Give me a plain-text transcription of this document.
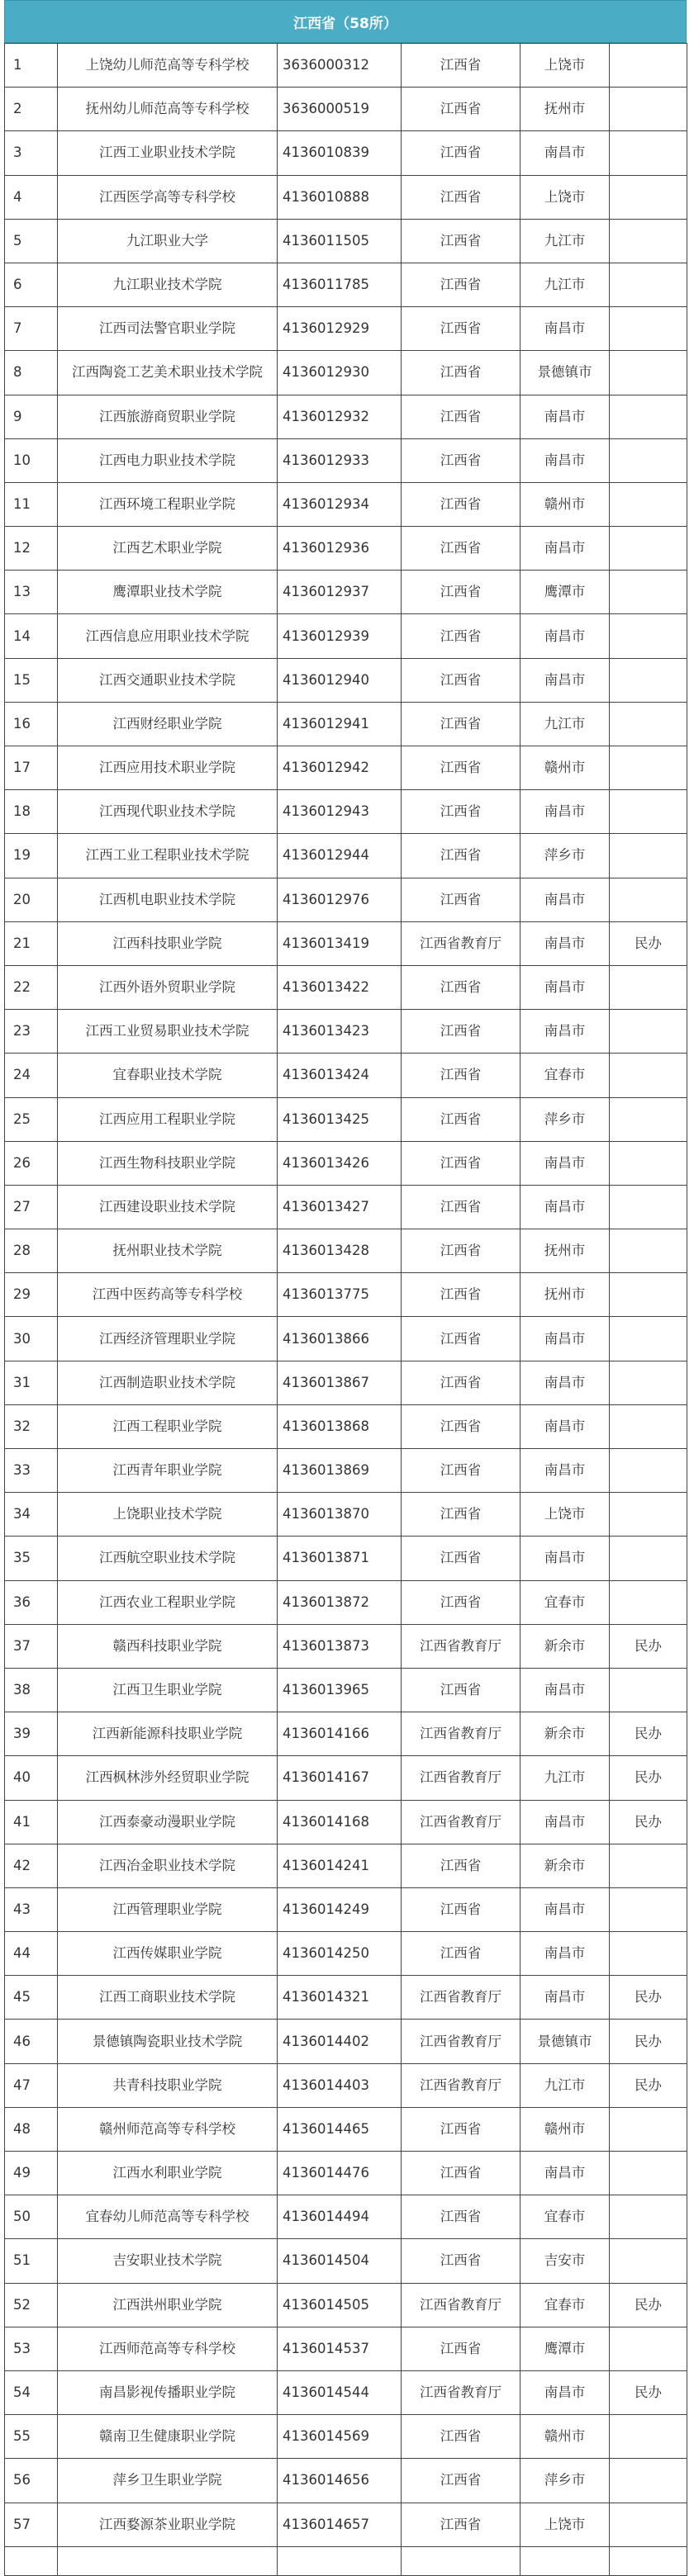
江西省（58所）
1	上饶幼儿师范高等专科学校	3636000312	江西省	上饶市	
2	抚州幼儿师范高等专科学校	3636000519	江西省	抚州市	
3	江西工业职业技术学院	4136010839	江西省	南昌市	
4	江西医学高等专科学校	4136010888	江西省	上饶市	
5	九江职业大学	4136011505	江西省	九江市	
6	九江职业技术学院	4136011785	江西省	九江市	
7	江西司法警官职业学院	4136012929	江西省	南昌市	
8	江西陶瓷工艺美术职业技术学院	4136012930	江西省	景德镇市	
9	江西旅游商贸职业学院	4136012932	江西省	南昌市	
10	江西电力职业技术学院	4136012933	江西省	南昌市	
11	江西环境工程职业学院	4136012934	江西省	赣州市	
12	江西艺术职业学院	4136012936	江西省	南昌市	
13	鹰潭职业技术学院	4136012937	江西省	鹰潭市	
14	江西信息应用职业技术学院	4136012939	江西省	南昌市	
15	江西交通职业技术学院	4136012940	江西省	南昌市	
16	江西财经职业学院	4136012941	江西省	九江市	
17	江西应用技术职业学院	4136012942	江西省	赣州市	
18	江西现代职业技术学院	4136012943	江西省	南昌市	
19	江西工业工程职业技术学院	4136012944	江西省	萍乡市	
20	江西机电职业技术学院	4136012976	江西省	南昌市	
21	江西科技职业学院	4136013419	江西省教育厅	南昌市	民办
22	江西外语外贸职业学院	4136013422	江西省	南昌市	
23	江西工业贸易职业技术学院	4136013423	江西省	南昌市	
24	宜春职业技术学院	4136013424	江西省	宜春市	
25	江西应用工程职业学院	4136013425	江西省	萍乡市	
26	江西生物科技职业学院	4136013426	江西省	南昌市	
27	江西建设职业技术学院	4136013427	江西省	南昌市	
28	抚州职业技术学院	4136013428	江西省	抚州市	
29	江西中医药高等专科学校	4136013775	江西省	抚州市	
30	江西经济管理职业学院	4136013866	江西省	南昌市	
31	江西制造职业技术学院	4136013867	江西省	南昌市	
32	江西工程职业学院	4136013868	江西省	南昌市	
33	江西青年职业学院	4136013869	江西省	南昌市	
34	上饶职业技术学院	4136013870	江西省	上饶市	
35	江西航空职业技术学院	4136013871	江西省	南昌市	
36	江西农业工程职业学院	4136013872	江西省	宜春市	
37	赣西科技职业学院	4136013873	江西省教育厅	新余市	民办
38	江西卫生职业学院	4136013965	江西省	南昌市	
39	江西新能源科技职业学院	4136014166	江西省教育厅	新余市	民办
40	江西枫林涉外经贸职业学院	4136014167	江西省教育厅	九江市	民办
41	江西泰豪动漫职业学院	4136014168	江西省教育厅	南昌市	民办
42	江西冶金职业技术学院	4136014241	江西省	新余市	
43	江西管理职业学院	4136014249	江西省	南昌市	
44	江西传媒职业学院	4136014250	江西省	南昌市	
45	江西工商职业技术学院	4136014321	江西省教育厅	南昌市	民办
46	景德镇陶瓷职业技术学院	4136014402	江西省教育厅	景德镇市	民办
47	共青科技职业学院	4136014403	江西省教育厅	九江市	民办
48	赣州师范高等专科学校	4136014465	江西省	赣州市	
49	江西水利职业学院	4136014476	江西省	南昌市	
50	宜春幼儿师范高等专科学校	4136014494	江西省	宜春市	
51	吉安职业技术学院	4136014504	江西省	吉安市	
52	江西洪州职业学院	4136014505	江西省教育厅	宜春市	民办
53	江西师范高等专科学校	4136014537	江西省	鹰潭市	
54	南昌影视传播职业学院	4136014544	江西省教育厅	南昌市	民办
55	赣南卫生健康职业学院	4136014569	江西省	赣州市	
56	萍乡卫生职业学院	4136014656	江西省	萍乡市	
57	江西婺源茶业职业学院	4136014657	江西省	上饶市	
